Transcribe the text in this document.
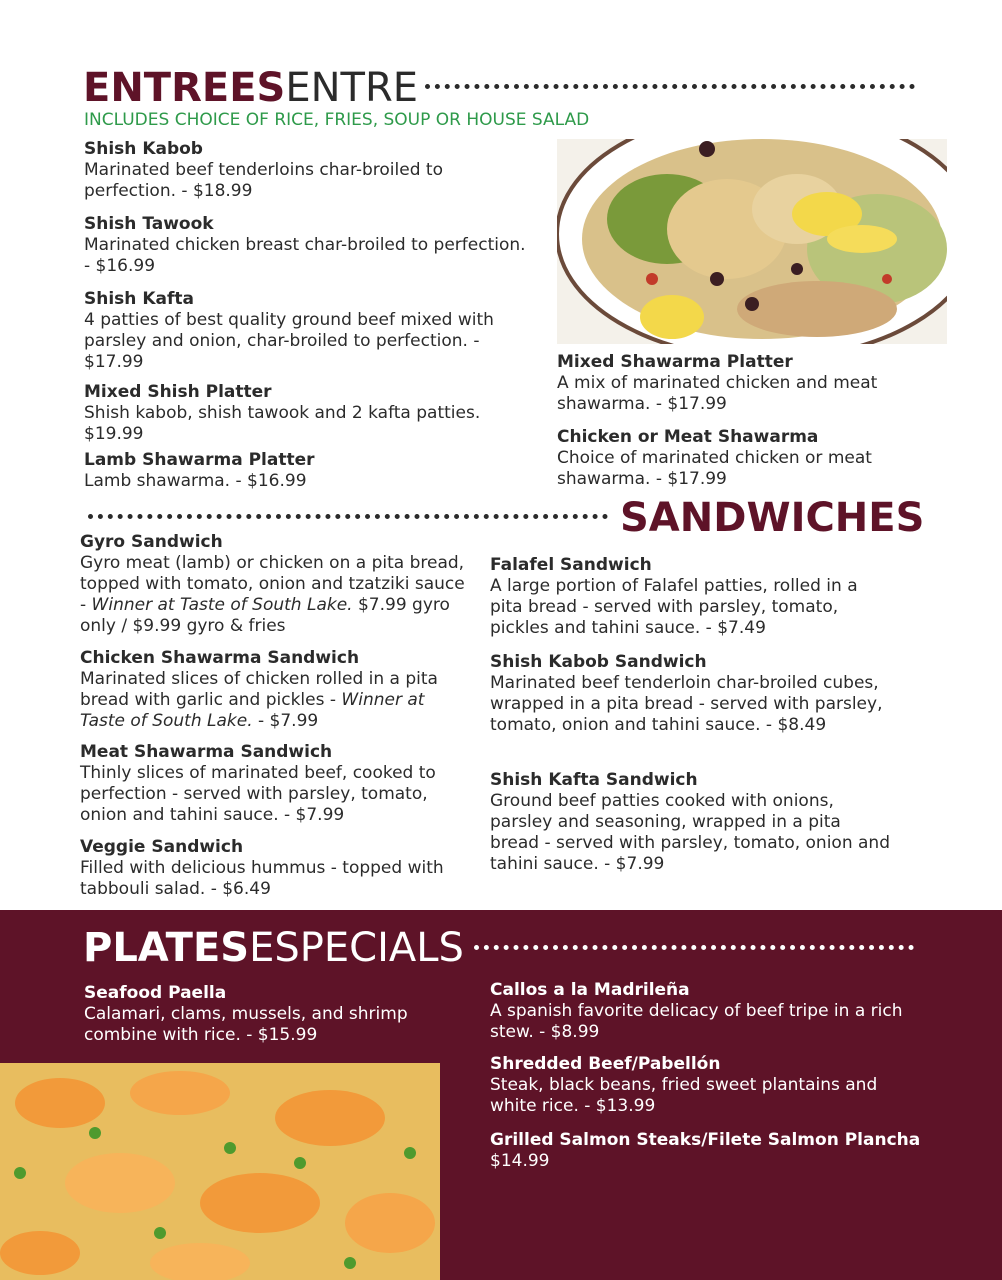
ENTREESENTRE
INCLUDES CHOICE OF RICE, FRIES, SOUP OR HOUSE SALAD
Shish Kabob
Marinated beef tenderloins char-broiled to perfection. - $18.99
Shish Tawook
Marinated chicken breast char-broiled to perfection. - $16.99
Shish Kafta
4 patties of best quality ground beef mixed with parsley and onion, char-broiled to perfection. - $17.99
Mixed Shish Platter
Shish kabob, shish tawook and 2 kafta patties. $19.99
Lamb Shawarma Platter
Lamb shawarma. - $16.99
Mixed Shawarma Platter
A mix of marinated chicken and meat shawarma. - $17.99
Chicken or Meat Shawarma
Choice of marinated chicken or meat shawarma. - $17.99
SANDWICHES
Gyro Sandwich
Gyro meat (lamb) or chicken on a pita bread, topped with tomato, onion and tzatziki sauce - Winner at Taste of South Lake. $7.99 gyro only / $9.99 gyro & fries
Chicken Shawarma Sandwich
Marinated slices of chicken rolled in a pita bread with garlic and pickles - Winner at Taste of South Lake. - $7.99
Meat Shawarma Sandwich
Thinly slices of marinated beef, cooked to perfection - served with parsley, tomato, onion and tahini sauce. - $7.99
Veggie Sandwich
Filled with delicious hummus - topped with tabbouli salad. - $6.49
Falafel Sandwich
A large portion of Falafel patties, rolled in a pita bread - served with parsley, tomato, pickles and tahini sauce. - $7.49
Shish Kabob Sandwich
Marinated beef tenderloin char-broiled cubes, wrapped in a pita bread - served with parsley, tomato, onion and tahini sauce. - $8.49
Shish Kafta Sandwich
Ground beef patties cooked with onions, parsley and seasoning, wrapped in a pita bread - served with parsley, tomato, onion and tahini sauce. - $7.99
PLATESESPECIALS
Seafood Paella
Calamari, clams, mussels, and shrimp combine with rice. - $15.99
Callos a la Madrileña
A spanish favorite delicacy of beef tripe in a rich stew. - $8.99
Shredded Beef/Pabellón
Steak, black beans, fried sweet plantains and white rice. - $13.99
Grilled Salmon Steaks/Filete Salmon Plancha
$14.99
